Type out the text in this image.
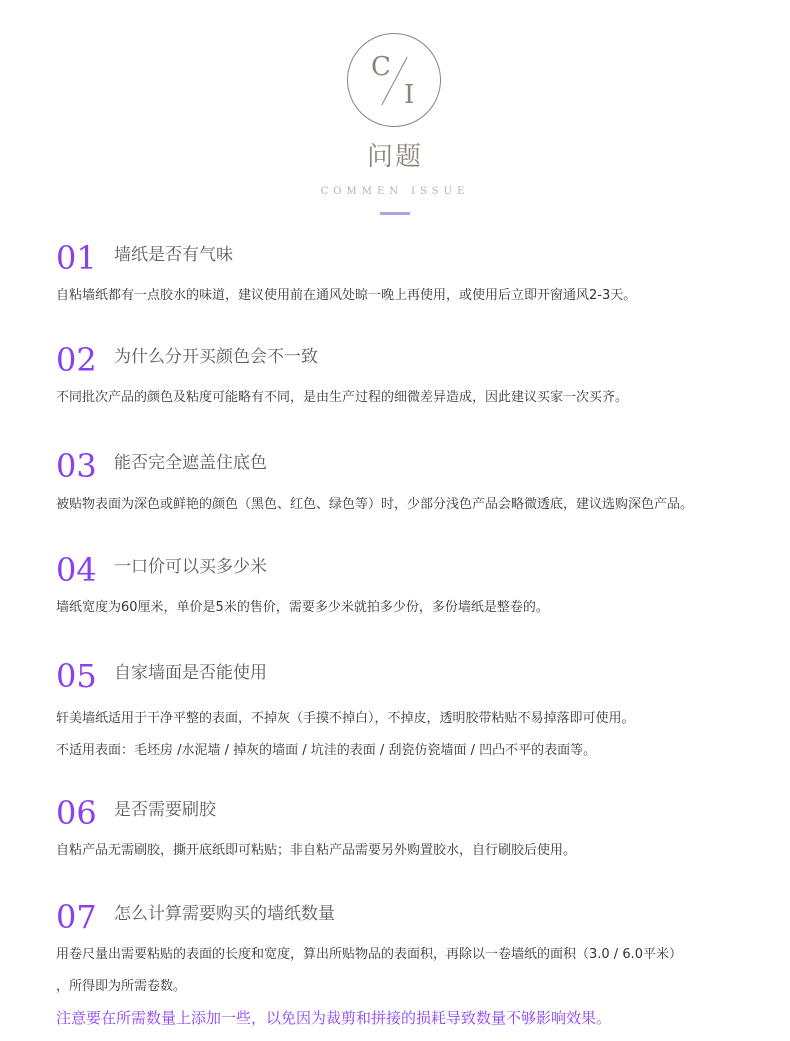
C
I
问题
COMMEN ISSUE
01 墙纸是否有气味
自粘墙纸都有一点胶水的味道，建议使用前在通风处晾一晚上再使用，或使用后立即开窗通风2-3天。
02 为什么分开买颜色会不一致
不同批次产品的颜色及粘度可能略有不同，是由生产过程的细微差异造成，因此建议买家一次买齐。
03 能否完全遮盖住底色
被贴物表面为深色或鲜艳的颜色（黑色、红色、绿色等）时，少部分浅色产品会略微透底，建议选购深色产品。
04 一口价可以买多少米
墙纸宽度为60厘米，单价是5米的售价，需要多少米就拍多少份，多份墙纸是整卷的。
05 自家墙面是否能使用
轩美墙纸适用于干净平整的表面，不掉灰（手摸不掉白），不掉皮，透明胶带粘贴不易掉落即可使用。
不适用表面：毛坯房 /水泥墙 / 掉灰的墙面 / 坑洼的表面 / 刮瓷仿瓷墙面 / 凹凸不平的表面等。
06 是否需要刷胶
自粘产品无需刷胶，撕开底纸即可粘贴；非自粘产品需要另外购置胶水，自行刷胶后使用。
07 怎么计算需要购买的墙纸数量
用卷尺量出需要粘贴的表面的长度和宽度，算出所贴物品的表面积，再除以一卷墙纸的面积（3.0 / 6.0平米）
，所得即为所需卷数。
注意要在所需数量上添加一些，以免因为裁剪和拼接的损耗导致数量不够影响效果。
